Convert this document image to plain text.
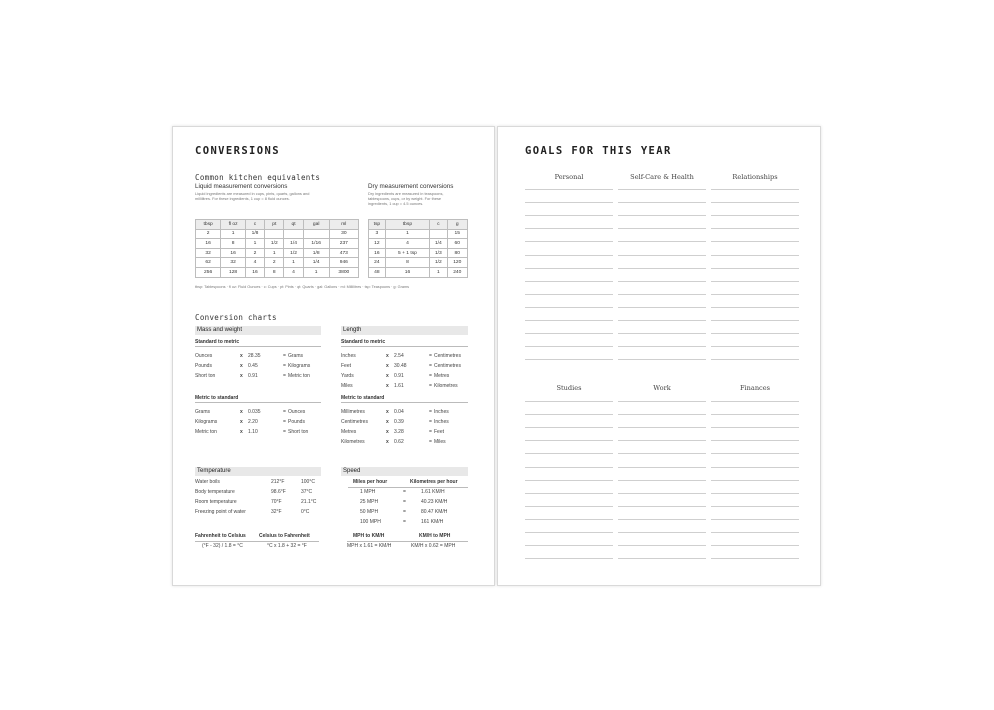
CONVERSIONS
Common kitchen equivalents
Liquid measurement conversions
Liquid ingredients are measured in cups, pints, quarts, gallons and millilitres. For these ingredients, 1 cup = 8 fluid ounces.
Dry measurement conversions
Dry ingredients are measured in teaspoons, tablespoons, cups, or by weight. For these ingredients, 1 cup = 4.5 ounces.
tbsp	fl oz	c	pt	qt	gal	ml
2	1	1/8				30
16	8	1	1/2	1/4	1/16	237
32	16	2	1	1/2	1/8	473
62	32	4	2	1	1/4	946
256	128	16	8	4	1	3800
tsp	tbsp	c	g
3	1		15
12	4	1/4	60
16	5 + 1 tsp	1/3	80
24	8	1/2	120
48	16	1	240
tbsp: Tablespoons · fl oz: Fluid Ounces · c: Cups · pt: Pints · qt: Quarts · gal: Gallons · ml: Millilitres · tsp: Teaspoons · g: Grams
Conversion charts
Mass and weight
Standard to metric
Ounces	x 28.35	= Grams
Pounds	x 0.45	= Kilograms
Short ton	x 0.91	= Metric ton
Metric to standard
Grams	x 0.035	= Ounces
Kilograms	x 2.20	= Pounds
Metric ton	x 1.10	= Short ton
Length
Standard to metric
Inches	x 2.54	= Centimetres
Feet	x 30.48	= Centimetres
Yards	x 0.91	= Metres
Miles	x 1.61	= Kilometres
Metric to standard
Millimetres	x 0.04	= Inches
Centimetres	x 0.39	= Inches
Metres	x 3.28	= Feet
Kilometres	x 0.62	= Miles
Temperature
Water boils	212°F	100°C
Body temperature	98.6°F	37°C
Room temperature	70°F	21.1°C
Freezing point of water	32°F	0°C
Fahrenheit to Celsius
(°F - 32) / 1.8 = °C
Celsius to Fahrenheit
°C x 1.8 + 32 = °F
Speed
Miles per hour	Kilometres per hour
1 MPH	=	1.61 KM/H
25 MPH	=	40.23 KM/H
50 MPH	=	80.47 KM/H
100 MPH	=	161 KM/H
MPH to KM/H
MPH x 1.61 = KM/H
KM/H to MPH
KM/H x 0.62 = MPH
GOALS FOR THIS YEAR
Personal	Self-Care & Health	Relationships
Studies	Work	Finances
